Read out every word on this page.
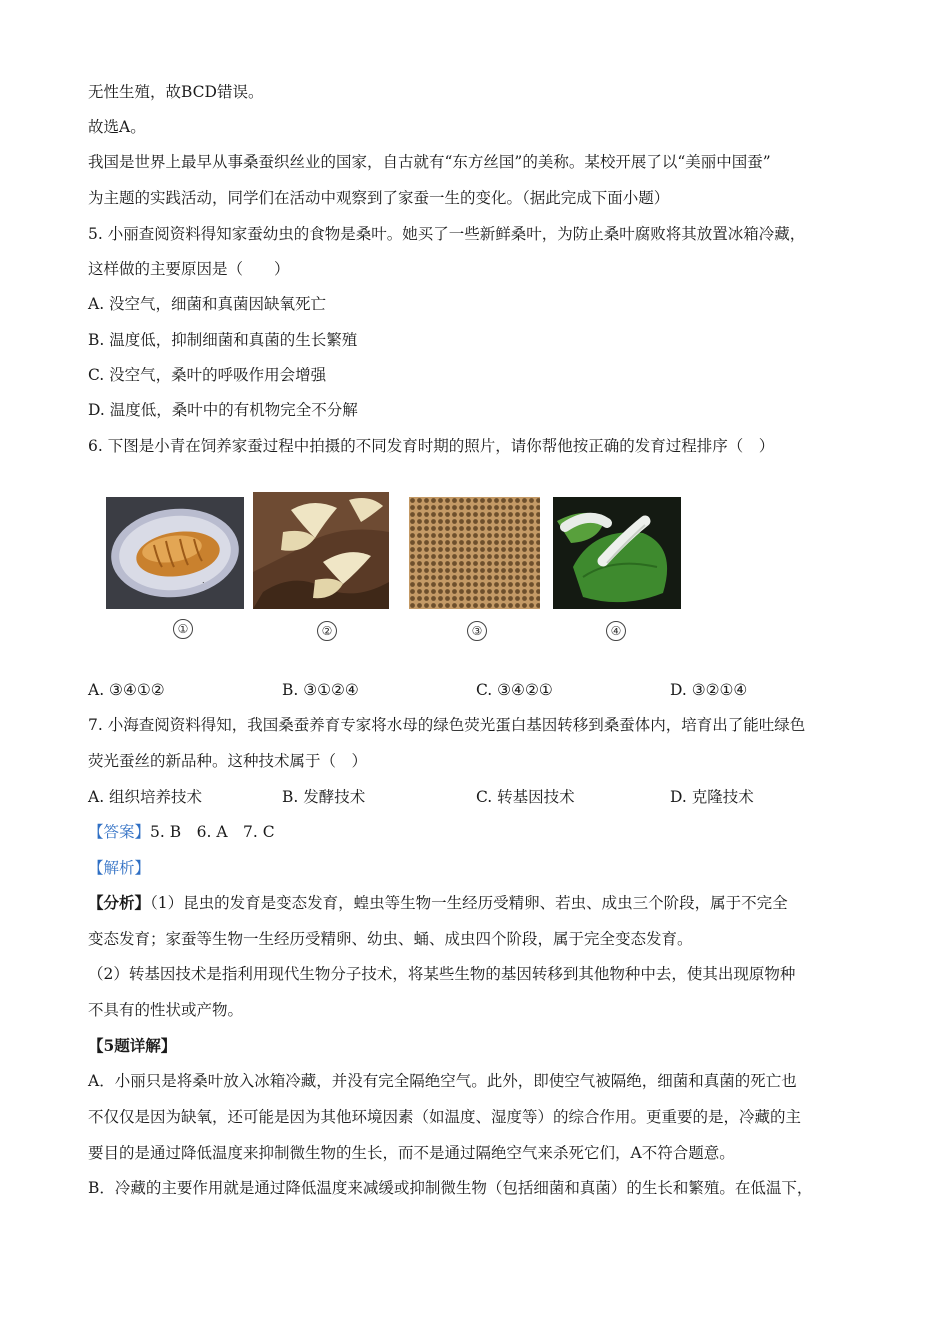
无性生殖，故BCD错误。
故选A。
我国是世界上最早从事桑蚕织丝业的国家，自古就有“东方丝国”的美称。某校开展了以“美丽中国蚕”
为主题的实践活动，同学们在活动中观察到了家蚕一生的变化。（据此完成下面小题）
5. 小丽查阅资料得知家蚕幼虫的食物是桑叶。她买了一些新鲜桑叶，为防止桑叶腐败将其放置冰箱冷藏，
这样做的主要原因是（　　）
A. 没空气，细菌和真菌因缺氧死亡
B. 温度低，抑制细菌和真菌的生长繁殖
C. 没空气，桑叶的呼吸作用会增强
D. 温度低，桑叶中的有机物完全不分解
6. 下图是小青在饲养家蚕过程中拍摄的不同发育时期的照片，请你帮他按正确的发育过程排序（　）
.
①	②	③	④
A. ③④①②	B. ③①②④	C. ③④②①	D. ③②①④
7. 小海查阅资料得知，我国桑蚕养育专家将水母的绿色荧光蛋白基因转移到桑蚕体内，培育出了能吐绿色
荧光蚕丝的新品种。这种技术属于（　）
A. 组织培养技术	B. 发酵技术	C. 转基因技术	D. 克隆技术
【答案】5. B　6. A　7. C
【解析】
【分析】（1）昆虫的发育是变态发育，蝗虫等生物一生经历受精卵、若虫、成虫三个阶段，属于不完全
变态发育；家蚕等生物一生经历受精卵、幼虫、蛹、成虫四个阶段，属于完全变态发育。
（2）转基因技术是指利用现代生物分子技术，将某些生物的基因转移到其他物种中去，使其出现原物种
不具有的性状或产物。
【5题详解】
A．小丽只是将桑叶放入冰箱冷藏，并没有完全隔绝空气。此外，即使空气被隔绝，细菌和真菌的死亡也
不仅仅是因为缺氧，还可能是因为其他环境因素（如温度、湿度等）的综合作用。更重要的是，冷藏的主
要目的是通过降低温度来抑制微生物的生长，而不是通过隔绝空气来杀死它们，A不符合题意。
B．冷藏的主要作用就是通过降低温度来减缓或抑制微生物（包括细菌和真菌）的生长和繁殖。在低温下，
